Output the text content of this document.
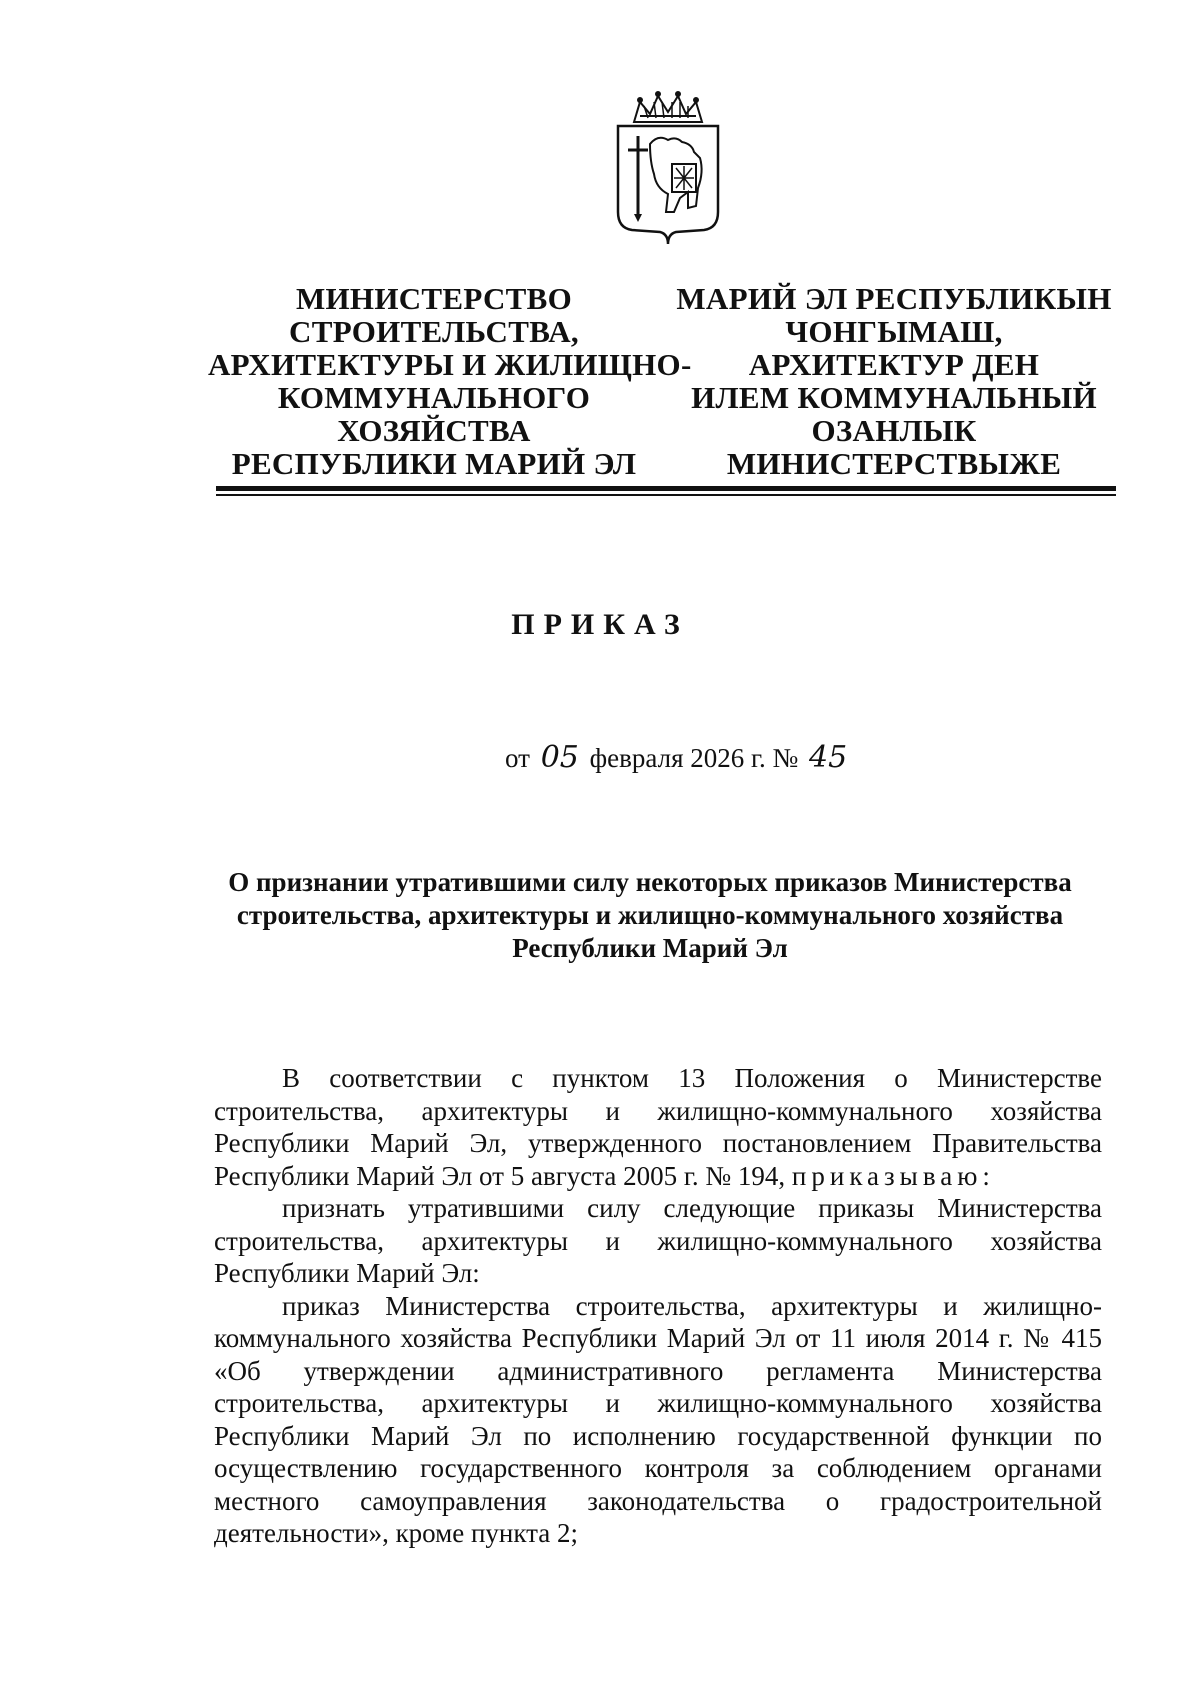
МИНИСТЕРСТВО
СТРОИТЕЛЬСТВА,
АРХИТЕКТУРЫ И ЖИЛИЩНО-
КОММУНАЛЬНОГО
ХОЗЯЙСТВА
РЕСПУБЛИКИ МАРИЙ ЭЛ
МАРИЙ ЭЛ РЕСПУБЛИКЫН
ЧОНГЫМАШ,
АРХИТЕКТУР ДЕН
ИЛЕМ КОММУНАЛЬНЫЙ
ОЗАНЛЫК
МИНИСТЕРСТВЫЖЕ
ПРИКАЗ
от 05 февраля 2026 г. № 45
О признании утратившими силу некоторых приказов Министерства
строительства, архитектуры и жилищно-коммунального хозяйства
Республики Марий Эл

В соответствии с пунктом 13 Положения о Министерстве строительства, архитектуры и жилищно-коммунального хозяйства Республики Марий Эл, утвержденного постановлением Правительства Республики Марий Эл от 5 августа 2005 г. № 194, приказываю:

признать утратившими силу следующие приказы Министерства строительства, архитектуры и жилищно-коммунального хозяйства Республики Марий Эл:

приказ Министерства строительства, архитектуры и жилищно-коммунального хозяйства Республики Марий Эл от 11 июля 2014 г. № 415 «Об утверждении административного регламента Министерства строительства, архитектуры и жилищно-коммунального хозяйства Республики Марий Эл по исполнению государственной функции по осуществлению государственного контроля за соблюдением органами местного самоуправления законодательства о градостроительной деятельности», кроме пункта 2;
